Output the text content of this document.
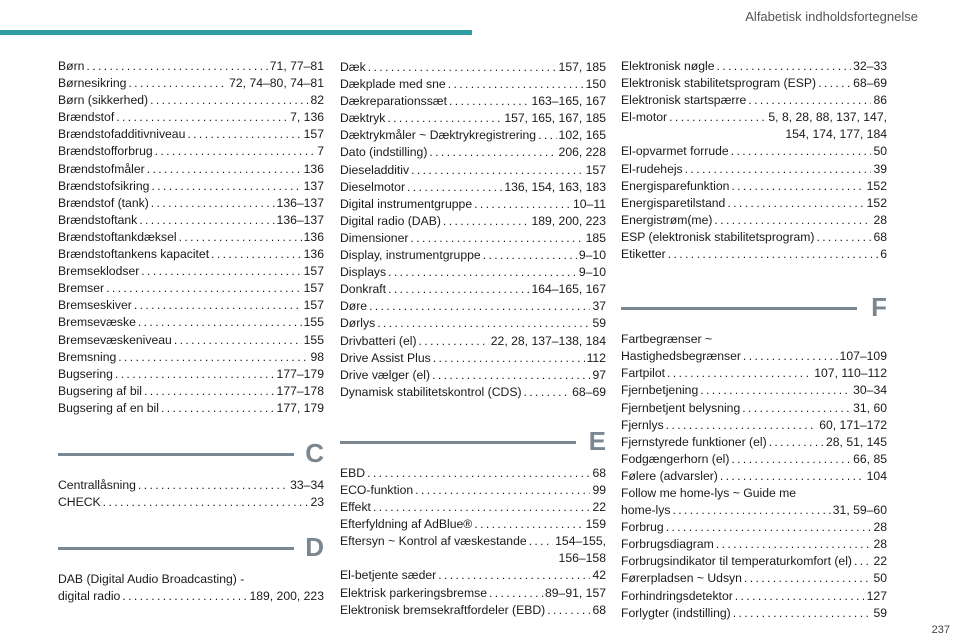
Alfabetisk indholdsfortegnelse
Børn . . .	71, 77–81
Børnesikring . . .	72, 74–80, 74–81
Børn (sikkerhed) . . .	82
Brændstof . . .	7, 136
Brændstofadditivniveau . . .	157
Brændstofforbrug . . .	7
Brændstofmåler . . .	136
Brændstofsikring . . .	137
Brændstof (tank) . . .	136–137
Brændstoftank . . .	136–137
Brændstoftankdæksel . . .	136
Brændstoftankens kapacitet . . .	136
Bremseklodser . . .	157
Bremser . . .	157
Bremseskiver . . .	157
Bremsevæske . . .	155
Bremsevæskeniveau . . .	155
Bremsning . . .	98
Bugsering . . .	177–179
Bugsering af bil . . .	177–178
Bugsering af en bil . . .	177, 179
C
Centrallåsning . . .	33–34
CHECK . . .	23
D
DAB (Digital Audio Broadcasting) -
digital radio . . .	189, 200, 223
Dæk . . .	157, 185
Dækplade med sne . . .	150
Dækreparationssæt . . .	163–165, 167
Dæktryk . . .	157, 165, 167, 185
Dæktrykmåler ~ Dæktrykregistrering . . . 102, 165
Dato (indstilling) . . .	206, 228
Dieseladditiv . . .	157
Dieselmotor . . .	136, 154, 163, 183
Digital instrumentgruppe . . .	10–11
Digital radio (DAB) . . .	189, 200, 223
Dimensioner . . .	185
Display, instrumentgruppe . . .	9–10
Displays . . .	9–10
Donkraft . . .	164–165, 167
Døre . . .	37
Dørlys . . .	59
Drivbatteri (el) . . .	22, 28, 137–138, 184
Drive Assist Plus . . .	112
Drive vælger (el) . . .	97
Dynamisk stabilitetskontrol (CDS) . . .	68–69
E
EBD . . .	68
ECO-funktion . . .	99
Effekt . . .	22
Efterfyldning af AdBlue® . . .	159
Eftersyn ~ Kontrol af væskestande . . . 154–155,
156–158
El-betjente sæder . . .	42
Elektrisk parkeringsbremse . . .	89–91, 157
Elektronisk bremsekraftfordeler (EBD) . . .	68
Elektronisk nøgle . . .	32–33
Elektronisk stabilitetsprogram (ESP) . . .	68–69
Elektronisk startspærre . . .	86
El-motor . . .	5, 8, 28, 88, 137, 147,
154, 174, 177, 184
El-opvarmet forrude . . .	50
El-rudehejs . . .	39
Energisparefunktion . . .	152
Energisparetilstand . . .	152
Energistrøm(me) . . .	28
ESP (elektronisk stabilitetsprogram) . . .	68
Etiketter . . .	6
F
Fartbegrænser ~
Hastighedsbegrænser . . .	107–109
Fartpilot . . .	107, 110–112
Fjernbetjening . . .	30–34
Fjernbetjent belysning . . .	31, 60
Fjernlys . . .	60, 171–172
Fjernstyrede funktioner (el) . . .	28, 51, 145
Fodgængerhorn (el) . . .	66, 85
Følere (advarsler) . . .	104
Follow me home-lys ~ Guide me
home-lys . . .	31, 59–60
Forbrug . . .	28
Forbrugsdiagram . . .	28
Forbrugsindikator til temperaturkomfort (el) . . . 22
Førerpladsen ~ Udsyn . . .	50
Forhindringsdetektor . . .	127
Forlygter (indstilling) . . .	59
237
